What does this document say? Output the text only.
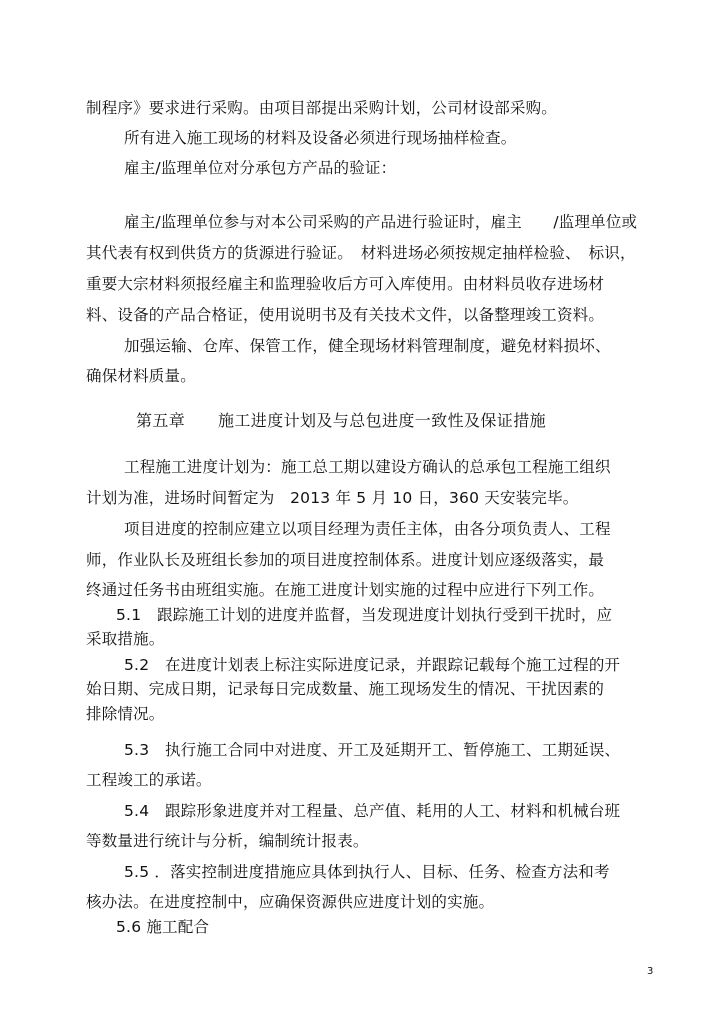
制程序》要求进行采购。由项目部提出采购计划，公司材设部采购。
所有进入施工现场的材料及设备必须进行现场抽样检查。
雇主/监理单位对分承包方产品的验证：
雇主/监理单位参与对本公司采购的产品进行验证时，雇主　　/监理单位或
其代表有权到供货方的货源进行验证。　材料进场必须按规定抽样检验、　标识，
重要大宗材料须报经雇主和监理验收后方可入库使用。由材料员收存进场材
料、设备的产品合格证，使用说明书及有关技术文件，以备整理竣工资料。
加强运输、仓库、保管工作，健全现场材料管理制度，避免材料损坏、
确保材料质量。
第五章　　施工进度计划及与总包进度一致性及保证措施
工程施工进度计划为：施工总工期以建设方确认的总承包工程施工组织
计划为准，进场时间暂定为　2013 年 5 月 10 日，360 天安装完毕。
项目进度的控制应建立以项目经理为责任主体，由各分项负责人、工程
师，作业队长及班组长参加的项目进度控制体系。进度计划应逐级落实，最
终通过任务书由班组实施。在施工进度计划实施的过程中应进行下列工作。
5.1　跟踪施工计划的进度并监督，当发现进度计划执行受到干扰时，应
采取措施。
5.2　在进度计划表上标注实际进度记录，并跟踪记载每个施工过程的开
始日期、完成日期，记录每日完成数量、施工现场发生的情况、干扰因素的
排除情况。
5.3　执行施工合同中对进度、开工及延期开工、暂停施工、工期延误、
工程竣工的承诺。
5.4　跟踪形象进度并对工程量、总产值、耗用的人工、材料和机械台班
等数量进行统计与分析，编制统计报表。
5.5 ．落实控制进度措施应具体到执行人、目标、任务、检查方法和考
核办法。在进度控制中，应确保资源供应进度计划的实施。
5.6 施工配合
3
